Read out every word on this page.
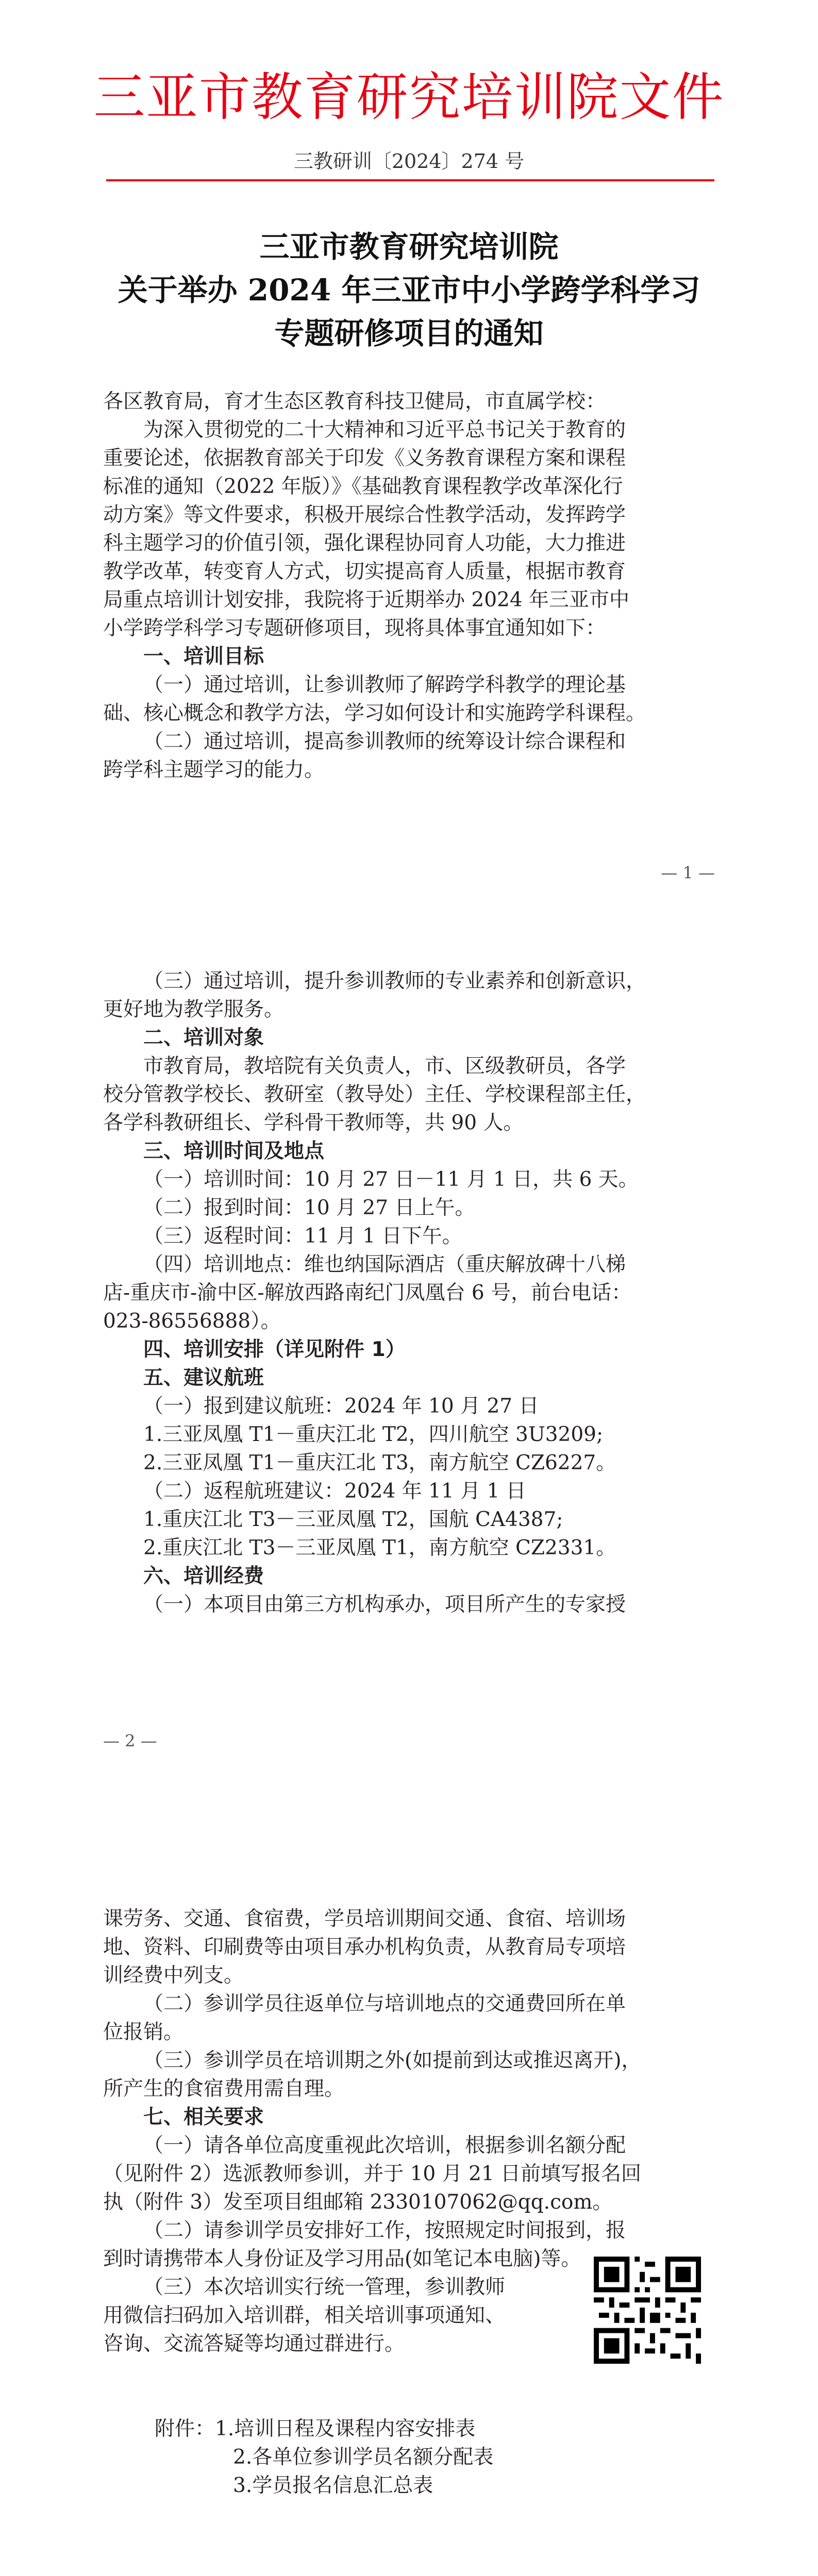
三亚市教育研究培训院文件
三教研训〔2024〕274 号
三亚市教育研究培训院
关于举办 2024 年三亚市中小学跨学科学习
专题研修项目的通知
各区教育局，育才生态区教育科技卫健局，市直属学校：
为深入贯彻党的二十大精神和习近平总书记关于教育的
重要论述，依据教育部关于印发《义务教育课程方案和课程
标准的通知（2022 年版）》《基础教育课程教学改革深化行
动方案》等文件要求，积极开展综合性教学活动，发挥跨学
科主题学习的价值引领，强化课程协同育人功能，大力推进
教学改革，转变育人方式，切实提高育人质量，根据市教育
局重点培训计划安排，我院将于近期举办 2024 年三亚市中
小学跨学科学习专题研修项目，现将具体事宜通知如下：
一、培训目标
（一）通过培训，让参训教师了解跨学科教学的理论基
础、核心概念和教学方法，学习如何设计和实施跨学科课程。
（二）通过培训，提高参训教师的统筹设计综合课程和
跨学科主题学习的能力。
— 1 —
（三）通过培训，提升参训教师的专业素养和创新意识，
更好地为教学服务。
二、培训对象
市教育局，教培院有关负责人，市、区级教研员，各学
校分管教学校长、教研室（教导处）主任、学校课程部主任，
各学科教研组长、学科骨干教师等，共 90 人。
三、培训时间及地点
（一）培训时间：10 月 27 日－11 月 1 日，共 6 天。
（二）报到时间：10 月 27 日上午。
（三）返程时间：11 月 1 日下午。
（四）培训地点：维也纳国际酒店（重庆解放碑十八梯
店-重庆市-渝中区-解放西路南纪门凤凰台 6 号，前台电话：
023-86556888）。
四、培训安排（详见附件 1）
五、建议航班
（一）报到建议航班：2024 年 10 月 27 日
1.三亚凤凰 T1－重庆江北 T2，四川航空 3U3209;
2.三亚凤凰 T1－重庆江北 T3，南方航空 CZ6227。
（二）返程航班建议：2024 年 11 月 1 日
1.重庆江北 T3－三亚凤凰 T2，国航 CA4387;
2.重庆江北 T3－三亚凤凰 T1，南方航空 CZ2331。
六、培训经费
（一）本项目由第三方机构承办，项目所产生的专家授
— 2 —
课劳务、交通、食宿费，学员培训期间交通、食宿、培训场
地、资料、印刷费等由项目承办机构负责，从教育局专项培
训经费中列支。
（二）参训学员往返单位与培训地点的交通费回所在单
位报销。
（三）参训学员在培训期之外(如提前到达或推迟离开)，
所产生的食宿费用需自理。
七、相关要求
（一）请各单位高度重视此次培训，根据参训名额分配
（见附件 2）选派教师参训，并于 10 月 21 日前填写报名回
执（附件 3）发至项目组邮箱 2330107062@qq.com。
（二）请参训学员安排好工作，按照规定时间报到，报
到时请携带本人身份证及学习用品(如笔记本电脑)等。
（三）本次培训实行统一管理，参训教师
用微信扫码加入培训群，相关培训事项通知、
咨询、交流答疑等均通过群进行。
附件：1.培训日程及课程内容安排表
2.各单位参训学员名额分配表
3.学员报名信息汇总表
